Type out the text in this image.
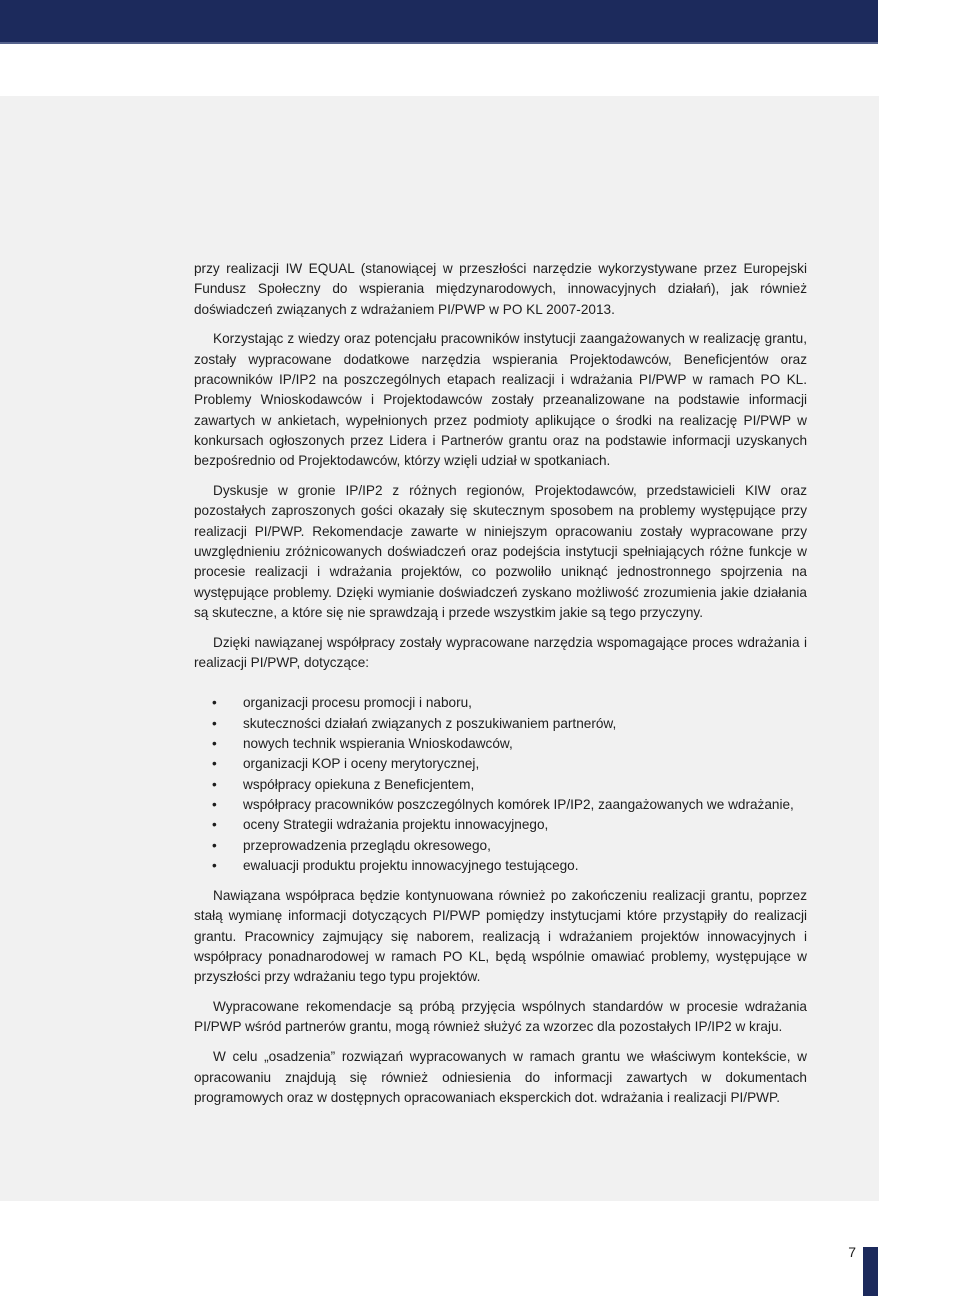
przy realizacji IW EQUAL (stanowiącej w przeszłości narzędzie wykorzystywane przez Europejski Fundusz Społeczny do wspierania międzynarodowych, innowacyjnych działań), jak również doświadczeń związanych z wdrażaniem PI/PWP w PO KL 2007-2013.

Korzystając z wiedzy oraz potencjału pracowników instytucji zaangażowanych w realizację grantu, zostały wypracowane dodatkowe narzędzia wspierania Projektodawców, Beneficjentów oraz pracowników IP/IP2 na poszczególnych etapach realizacji i wdrażania PI/PWP w ramach PO KL. Problemy Wnioskodawców i Projektodawców zostały przeanalizowane na podstawie informacji zawartych w ankietach, wypełnionych przez podmioty aplikujące o środki na realizację PI/PWP w konkursach ogłoszonych przez Lidera i Partnerów grantu oraz na podstawie informacji uzyskanych bezpośrednio od Projektodawców, którzy wzięli udział w spotkaniach.

Dyskusje w gronie IP/IP2 z różnych regionów, Projektodawców, przedstawicieli KIW oraz pozostałych zaproszonych gości okazały się skutecznym sposobem na problemy występujące przy realizacji PI/PWP. Rekomendacje zawarte w niniejszym opracowaniu zostały wypracowane przy uwzględnieniu zróżnicowanych doświadczeń oraz podejścia instytucji spełniających różne funkcje w procesie realizacji i wdrażania projektów, co pozwoliło uniknąć jednostronnego spojrzenia na występujące problemy. Dzięki wymianie doświadczeń zyskano możliwość zrozumienia jakie działania są skuteczne, a które się nie sprawdzają i przede wszystkim jakie są tego przyczyny.

Dzięki nawiązanej współpracy zostały wypracowane narzędzia wspomagające proces wdrażania i realizacji PI/PWP, dotyczące:

• organizacji procesu promocji i naboru,
• skuteczności działań związanych z poszukiwaniem partnerów,
• nowych technik wspierania Wnioskodawców,
• organizacji KOP i oceny merytorycznej,
• współpracy opiekuna z Beneficjentem,
• współpracy pracowników poszczególnych komórek IP/IP2, zaangażowanych we wdrażanie,
• oceny Strategii wdrażania projektu innowacyjnego,
• przeprowadzenia przeglądu okresowego,
• ewaluacji produktu projektu innowacyjnego testującego.

Nawiązana współpraca będzie kontynuowana również po zakończeniu realizacji grantu, poprzez stałą wymianę informacji dotyczących PI/PWP pomiędzy instytucjami które przystąpiły do realizacji grantu. Pracownicy zajmujący się naborem, realizacją i wdrażaniem projektów innowacyjnych i współpracy ponadnarodowej w ramach PO KL, będą wspólnie omawiać problemy, występujące w przyszłości przy wdrażaniu tego typu projektów.

Wypracowane rekomendacje są próbą przyjęcia wspólnych standardów w procesie wdrażania PI/PWP wśród partnerów grantu, mogą również służyć za wzorzec dla pozostałych IP/IP2 w kraju.

W celu „osadzenia” rozwiązań wypracowanych w ramach grantu we właściwym kontekście, w opracowaniu znajdują się również odniesienia do informacji zawartych w dokumentach programowych oraz w dostępnych opracowaniach eksperckich dot. wdrażania i realizacji PI/PWP.

7
